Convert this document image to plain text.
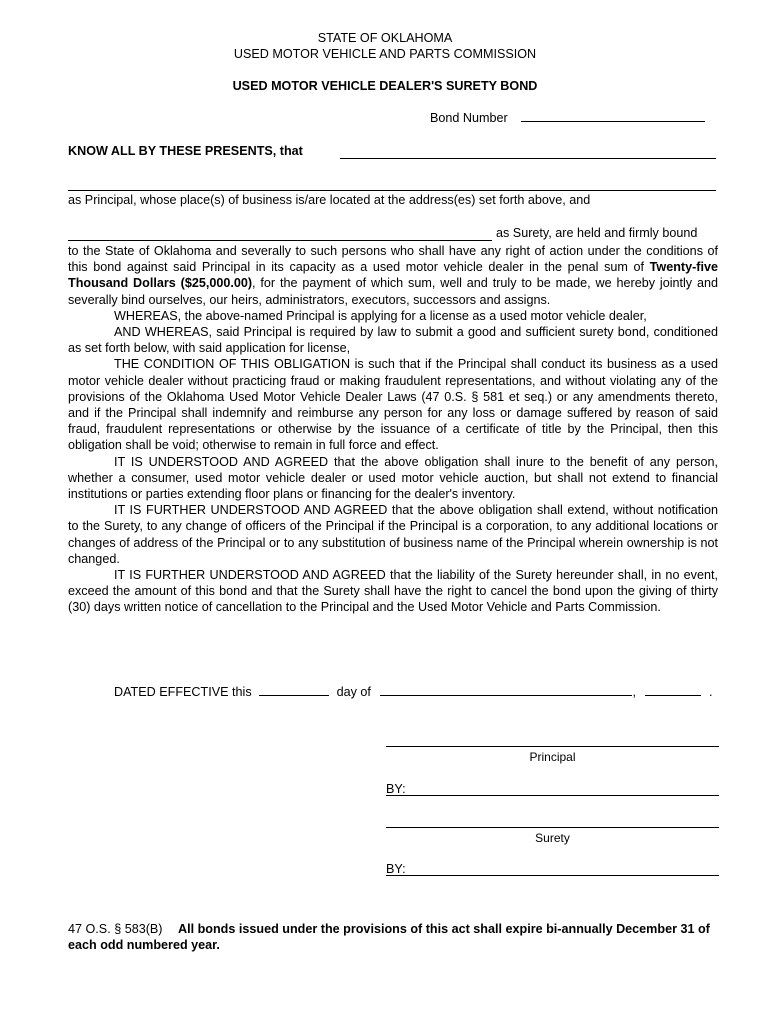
STATE OF OKLAHOMA
USED MOTOR VEHICLE AND PARTS COMMISSION
USED MOTOR VEHICLE DEALER'S SURETY BOND
Bond Number
KNOW ALL BY THESE PRESENTS, that
as Principal, whose place(s) of business is/are located at the address(es) set forth above, and
as Surety, are held and firmly bound

to the State of Oklahoma and severally to such persons who shall have any right of action under the conditions of this bond against said Principal in its capacity as a used motor vehicle dealer in the penal sum of Twenty-five Thousand Dollars ($25,000.00), for the payment of which sum, well and truly to be made, we hereby jointly and severally bind ourselves, our heirs, administrators, executors, successors and assigns.

WHEREAS, the above-named Principal is applying for a license as a used motor vehicle dealer,

AND WHEREAS, said Principal is required by law to submit a good and sufficient surety bond, conditioned as set forth below, with said application for license,

THE CONDITION OF THIS OBLIGATION is such that if the Principal shall conduct its business as a used motor vehicle dealer without practicing fraud or making fraudulent representations, and without violating any of the provisions of the Oklahoma Used Motor Vehicle Dealer Laws (47 0.S. § 581 et seq.) or any amendments thereto, and if the Principal shall indemnify and reimburse any person for any loss or damage suffered by reason of said fraud, fraudulent representations or otherwise by the issuance of a certificate of title by the Principal, then this obligation shall be void; otherwise to remain in full force and effect.

IT IS UNDERSTOOD AND AGREED that the above obligation shall inure to the benefit of any person, whether a consumer, used motor vehicle dealer or used motor vehicle auction, but shall not extend to financial institutions or parties extending floor plans or financing for the dealer's inventory.

IT IS FURTHER UNDERSTOOD AND AGREED that the above obligation shall extend, without notification to the Surety, to any change of officers of the Principal if the Principal is a corporation, to any additional locations or changes of address of the Principal or to any substitution of business name of the Principal wherein ownership is not changed.

IT IS FURTHER UNDERSTOOD AND AGREED that the liability of the Surety hereunder shall, in no event, exceed the amount of this bond and that the Surety shall have the right to cancel the bond upon the giving of thirty (30) days written notice of cancellation to the Principal and the Used Motor Vehicle and Parts Commission.

DATED EFFECTIVE this	day of	,	.
Principal
BY:
Surety
BY:
47 O.S. § 583(B) All bonds issued under the provisions of this act shall expire bi-annually December 31 of each odd numbered year.
